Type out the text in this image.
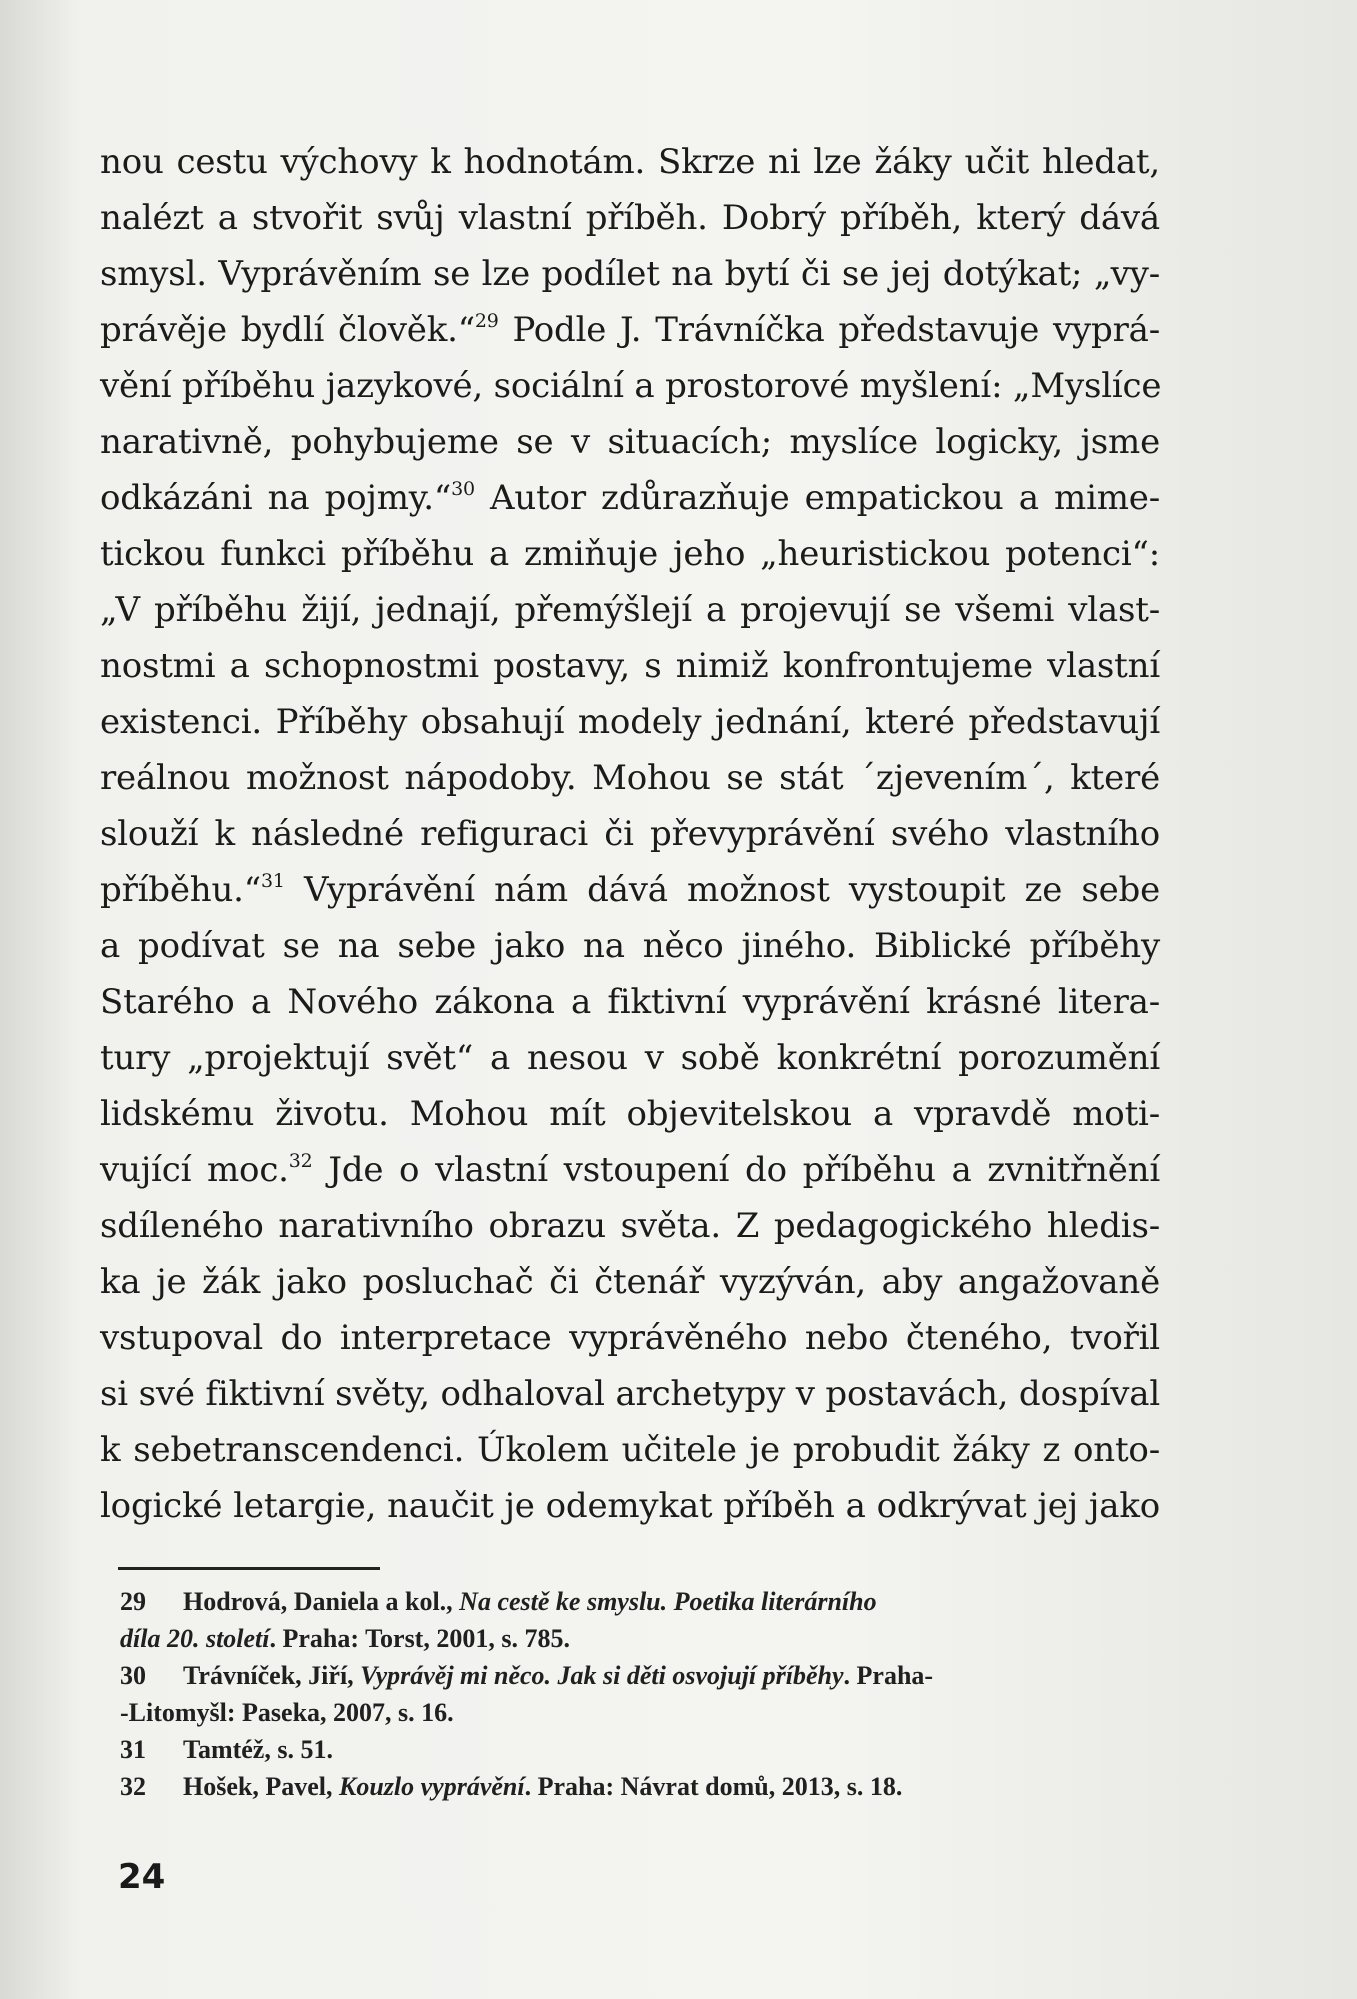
nou cestu výchovy k hodnotám. Skrze ni lze žáky učit hledat,
nalézt a stvořit svůj vlastní příběh. Dobrý příběh, který dává
smysl. Vyprávěním se lze podílet na bytí či se jej dotýkat; „vy-
právěje bydlí člověk.“$^{29}$ Podle J. Trávníčka představuje vyprá-
vění příběhu jazykové, sociální a prostorové myšlení: „Myslíce
narativně, pohybujeme se v situacích; myslíce logicky, jsme
odkázáni na pojmy.“$^{30}$ Autor zdůrazňuje empatickou a mime-
tickou funkci příběhu a zmiňuje jeho „heuristickou potenci“:
„V příběhu žijí, jednají, přemýšlejí a projevují se všemi vlast-
nostmi a schopnostmi postavy, s nimiž konfrontujeme vlastní
existenci. Příběhy obsahují modely jednání, které představují
reálnou možnost nápodoby. Mohou se stát ´zjevením´, které
slouží k následné refiguraci či převyprávění svého vlastního
příběhu.“$^{31}$ Vyprávění nám dává možnost vystoupit ze sebe
a podívat se na sebe jako na něco jiného. Biblické příběhy
Starého a Nového zákona a fiktivní vyprávění krásné litera-
tury „projektují svět“ a nesou v sobě konkrétní porozumění
lidskému životu. Mohou mít objevitelskou a vpravdě moti-
vující moc.$^{32}$ Jde o vlastní vstoupení do příběhu a zvnitřnění
sdíleného narativního obrazu světa. Z pedagogického hledis-
ka je žák jako posluchač či čtenář vyzýván, aby angažovaně
vstupoval do interpretace vyprávěného nebo čteného, tvořil
si své fiktivní světy, odhaloval archetypy v postavách, dospíval
k sebetranscendenci. Úkolem učitele je probudit žáky z onto-
logické letargie, naučit je odemykat příběh a odkrývat jej jako
29 Hodrová, Daniela a kol., Na cestě ke smyslu. Poetika literárního
díla 20. století. Praha: Torst, 2001, s. 785.
30 Trávníček, Jiří, Vyprávěj mi něco. Jak si děti osvojují příběhy. Praha-
-Litomyšl: Paseka, 2007, s. 16.
31 Tamtéž, s. 51.
32 Hošek, Pavel, Kouzlo vyprávění. Praha: Návrat domů, 2013, s. 18.
24
